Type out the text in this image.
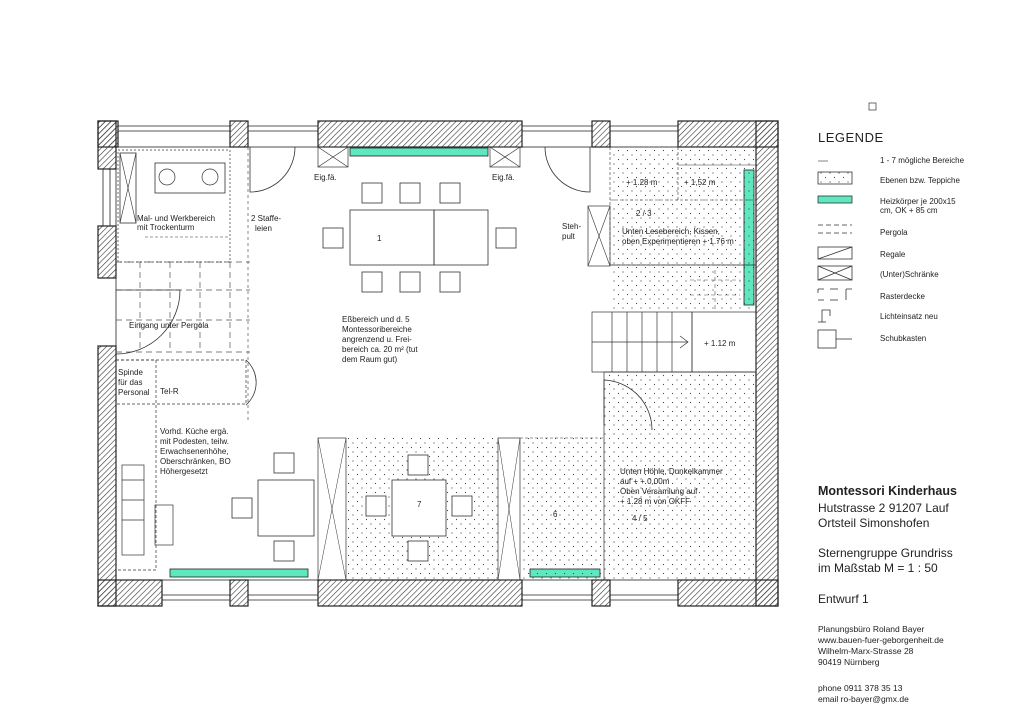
Mal- und Werkbereich
mit Trockenturm
2 Staffe-
leien
Eig.fä.	Eig.fä.
1
Steh-
pult
+ 1.28 m	+ 1,52 m
2 / 3
Unten Lesebereich, Kissen,
oben Experimentieren + 1.76 m
Eingang unter Pergola
Eßbereich und d. 5
Montessoribereiche
angrenzend u. Frei-
bereich ca. 20 m² (tut
dem Raum gut)
+ 1.12 m
Spinde
für das
Personal Tel-R
Vorhd. Küche ergä.
mit Podesten, teilw.
Erwachsenenhöhe,
Oberschränken, BO
Höhergesetzt
7
6
Unten Höhle, Dunkelkammer
auf + + 0,00m
Oben Versamlung auf
+ 1.28 m von OKFF
4 / 5
LEGENDE
1 - 7 mögliche Bereiche
Ebenen bzw. Teppiche
Heizkörper je 200x15
cm, OK + 85 cm
Pergola
Regale
(Unter)Schränke
Rasterdecke
Lichteinsatz neu
Schubkasten
Montessori Kinderhaus
Hutstrasse 2 91207 Lauf
Ortsteil Simonshofen
Sternengruppe Grundriss
im Maßstab M = 1 : 50
Entwurf 1
Planungsbüro Roland Bayer
www.bauen-fuer-geborgenheit.de
Wilhelm-Marx-Strasse 28
90419 Nürnberg
phone 0911 378 35 13
email ro-bayer@gmx.de
